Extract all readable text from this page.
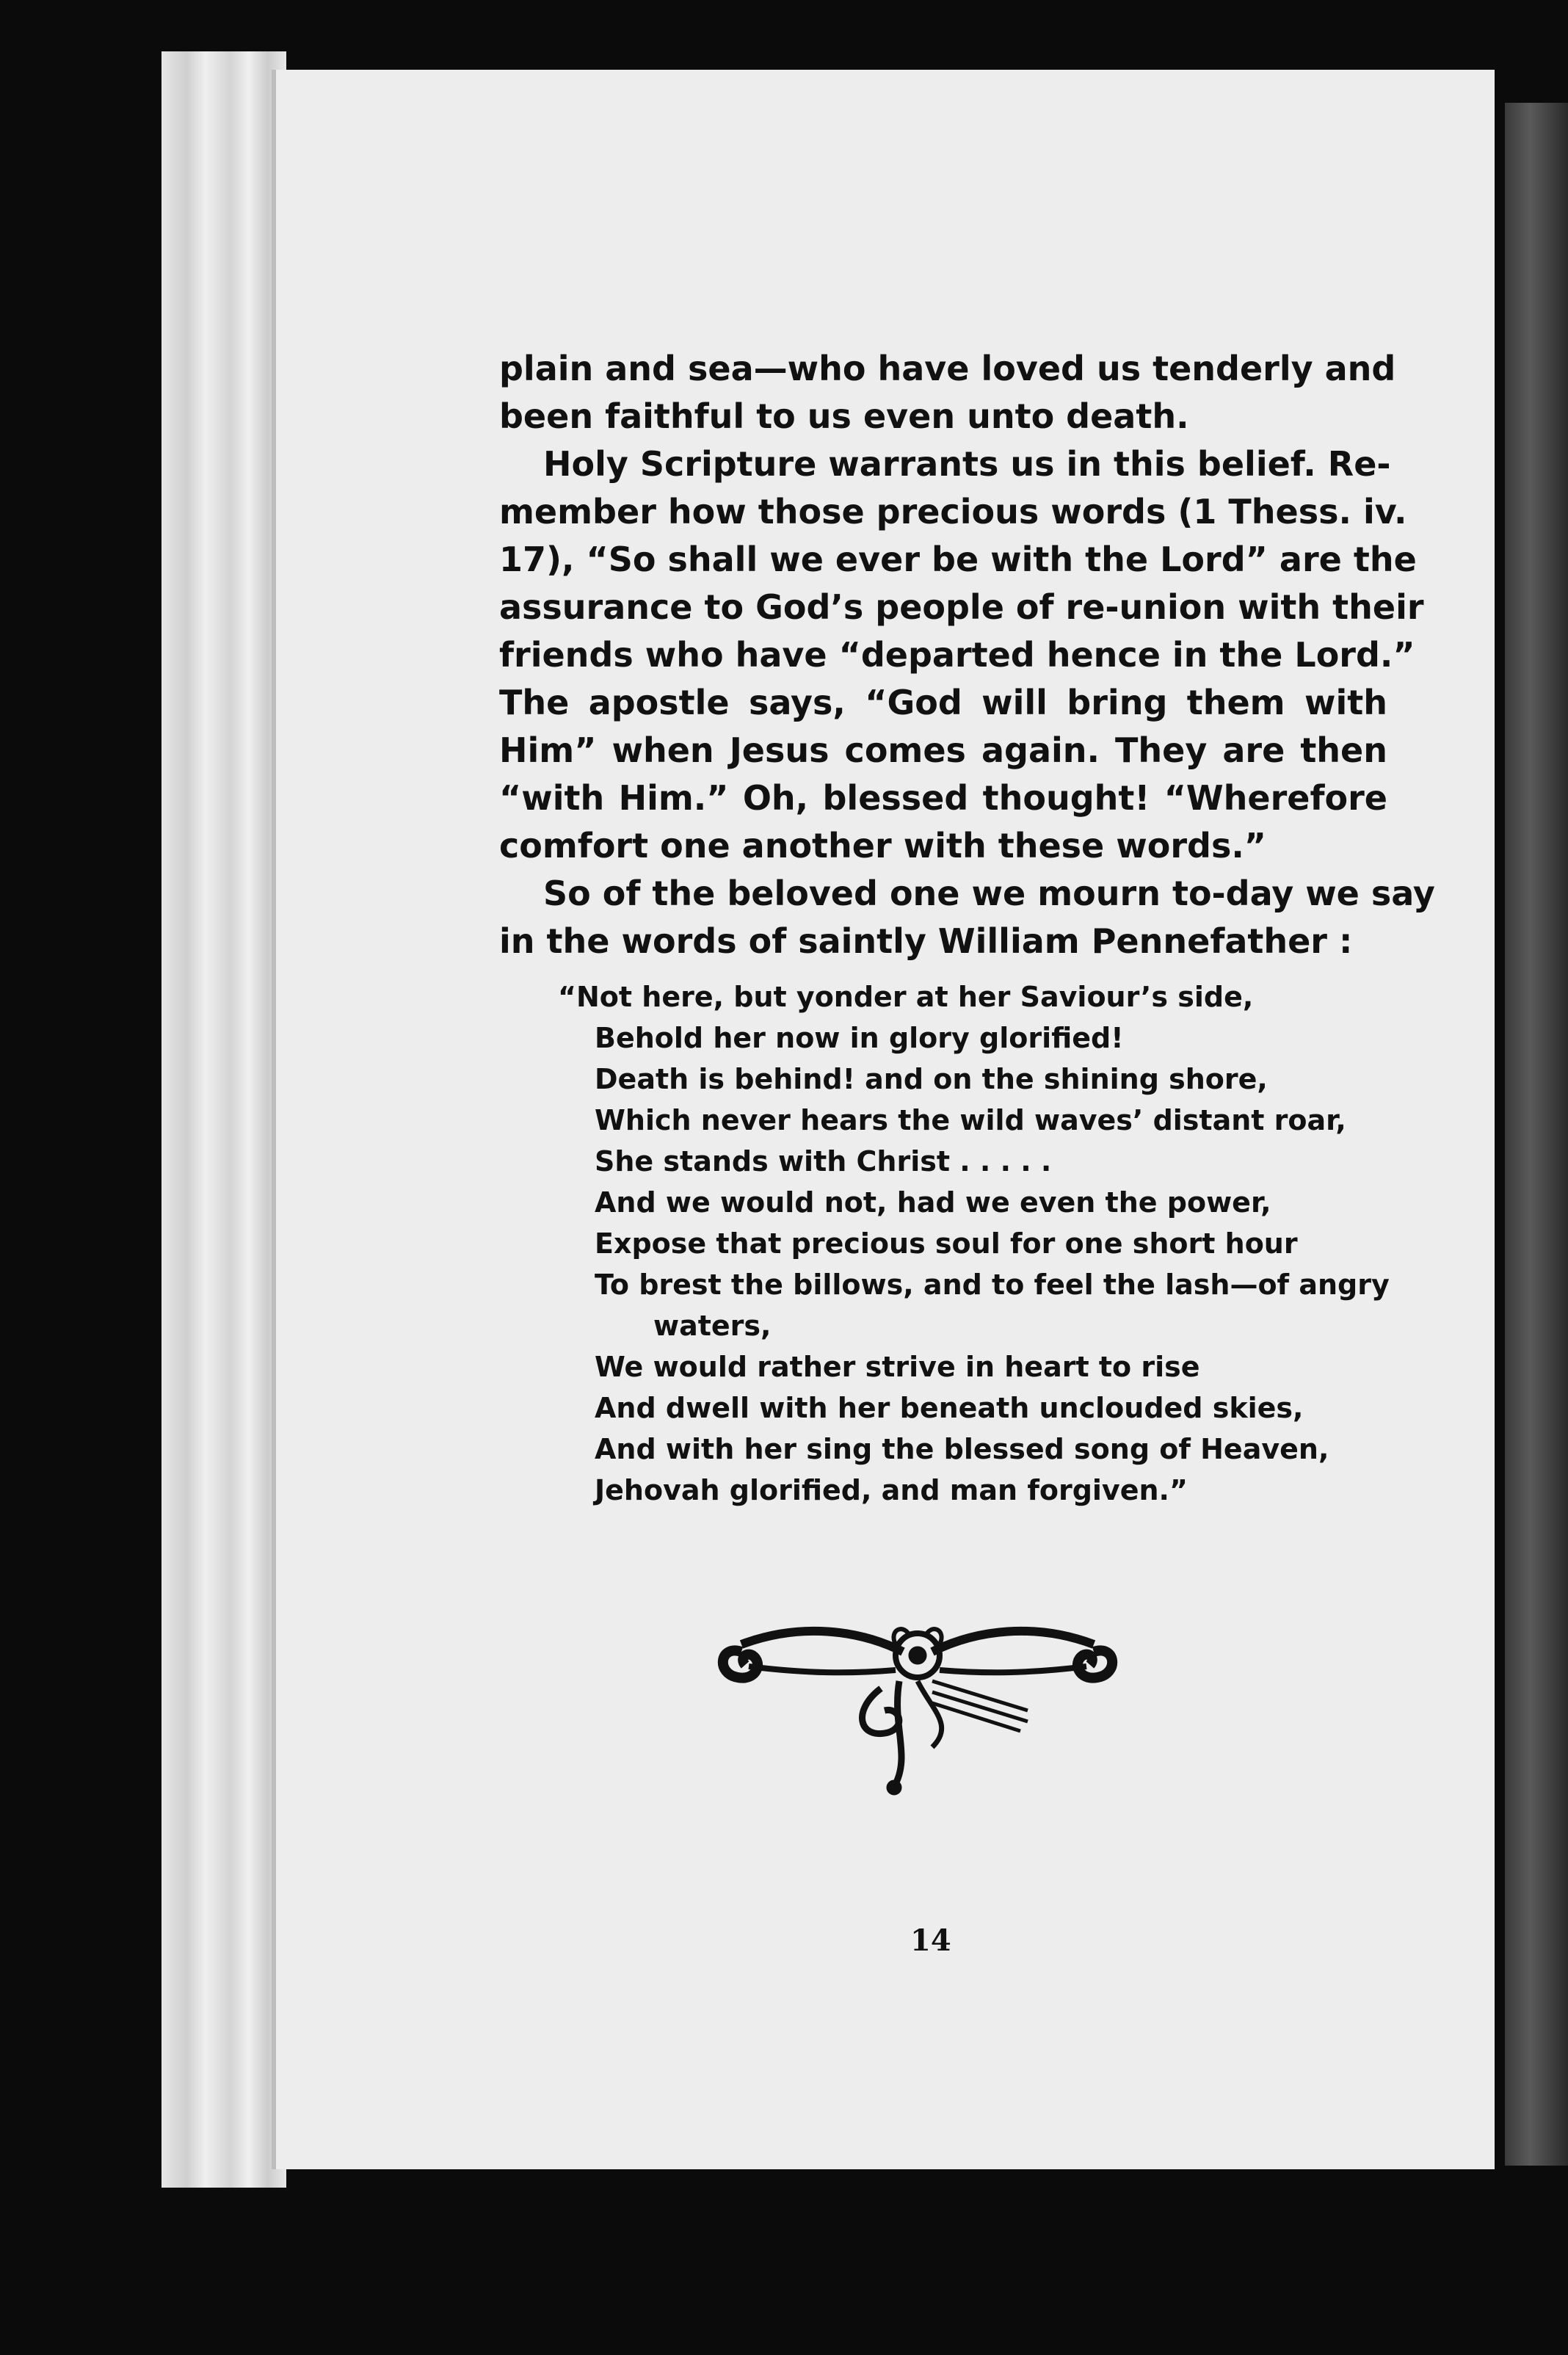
plain and sea—who have loved us tenderly and
been faithful to us even unto death.
Holy Scripture warrants us in this belief. Re-
member how those precious words (1 Thess. iv.
17), “So shall we ever be with the Lord” are the
assurance to God’s people of re-union with their
friends who have “departed hence in the Lord.”
The apostle says, “God will bring them with
Him” when Jesus comes again. They are then
“with Him.” Oh, blessed thought! “Wherefore
comfort one another with these words.”
So of the beloved one we mourn to-day we say
in the words of saintly William Pennefather :
“Not here, but yonder at her Saviour’s side,
Behold her now in glory glorified!
Death is behind! and on the shining shore,
Which never hears the wild waves’ distant roar,
She stands with Christ . . . . .
And we would not, had we even the power,
Expose that precious soul for one short hour
To brest the billows, and to feel the lash—of angry
waters,
We would rather strive in heart to rise
And dwell with her beneath unclouded skies,
And with her sing the blessed song of Heaven,
Jehovah glorified, and man forgiven.”
14
